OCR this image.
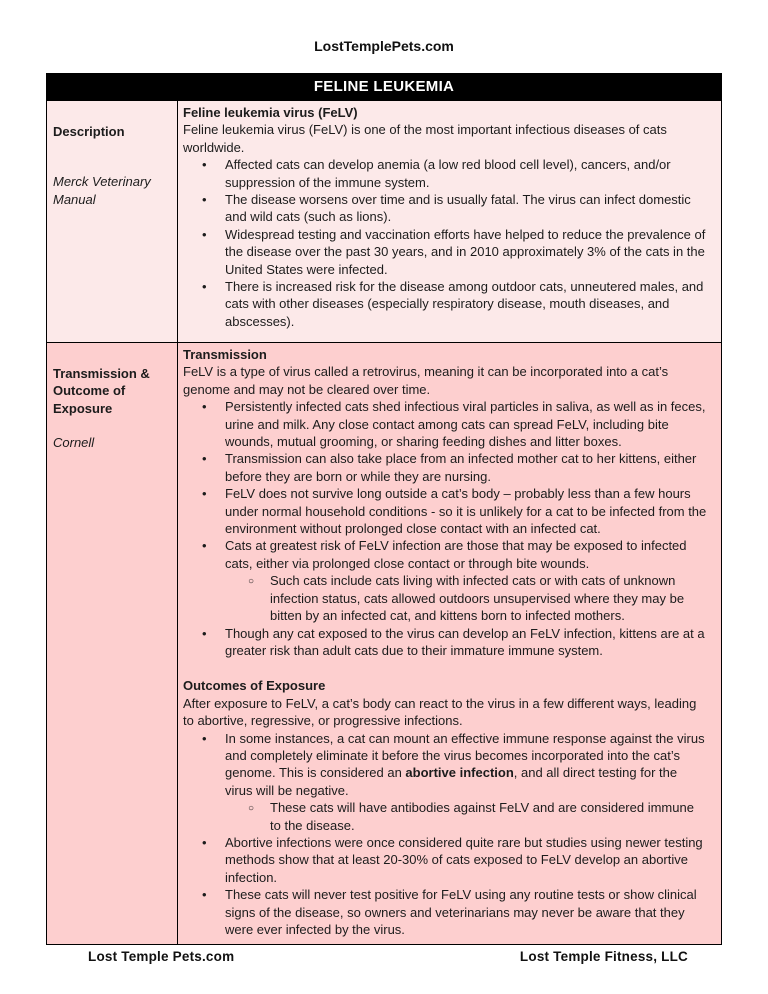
LostTemplePets.com
FELINE LEUKEMIA	

Description
Merck Veterinary Manual

Feline leukemia virus (FeLV)
Feline leukemia virus (FeLV) is one of the most important infectious diseases of cats worldwide.
•	Affected cats can develop anemia (a low red blood cell level), cancers, and/or suppression of the immune system.
•	The disease worsens over time and is usually fatal. The virus can infect domestic and wild cats (such as lions).
•	Widespread testing and vaccination efforts have helped to reduce the prevalence of the disease over the past 30 years, and in 2010 approximately 3% of the cats in the United States were infected.
•	There is increased risk for the disease among outdoor cats, unneutered males, and cats with other diseases (especially respiratory disease, mouth diseases, and abscesses).

Transmission & Outcome of Exposure
Cornell

Transmission
FeLV is a type of virus called a retrovirus, meaning it can be incorporated into a cat’s genome and may not be cleared over time.
•	Persistently infected cats shed infectious viral particles in saliva, as well as in feces, urine and milk. Any close contact among cats can spread FeLV, including bite wounds, mutual grooming, or sharing feeding dishes and litter boxes.
•	Transmission can also take place from an infected mother cat to her kittens, either before they are born or while they are nursing.
•	FeLV does not survive long outside a cat’s body – probably less than a few hours under normal household conditions - so it is unlikely for a cat to be infected from the environment without prolonged close contact with an infected cat.
•	Cats at greatest risk of FeLV infection are those that may be exposed to infected cats, either via prolonged close contact or through bite wounds.
○	Such cats include cats living with infected cats or with cats of unknown infection status, cats allowed outdoors unsupervised where they may be bitten by an infected cat, and kittens born to infected mothers.
•	Though any cat exposed to the virus can develop an FeLV infection, kittens are at a greater risk than adult cats due to their immature immune system.
Outcomes of Exposure
After exposure to FeLV, a cat’s body can react to the virus in a few different ways, leading to abortive, regressive, or progressive infections.
•	In some instances, a cat can mount an effective immune response against the virus and completely eliminate it before the virus becomes incorporated into the cat’s genome. This is considered an abortive infection, and all direct testing for the virus will be negative.
○	These cats will have antibodies against FeLV and are considered immune to the disease.
•	Abortive infections were once considered quite rare but studies using newer testing methods show that at least 20-30% of cats exposed to FeLV develop an abortive infection.
•	These cats will never test positive for FeLV using any routine tests or show clinical signs of the disease, so owners and veterinarians may never be aware that they were ever infected by the virus.
Lost Temple Pets.com	Lost Temple Fitness, LLC
